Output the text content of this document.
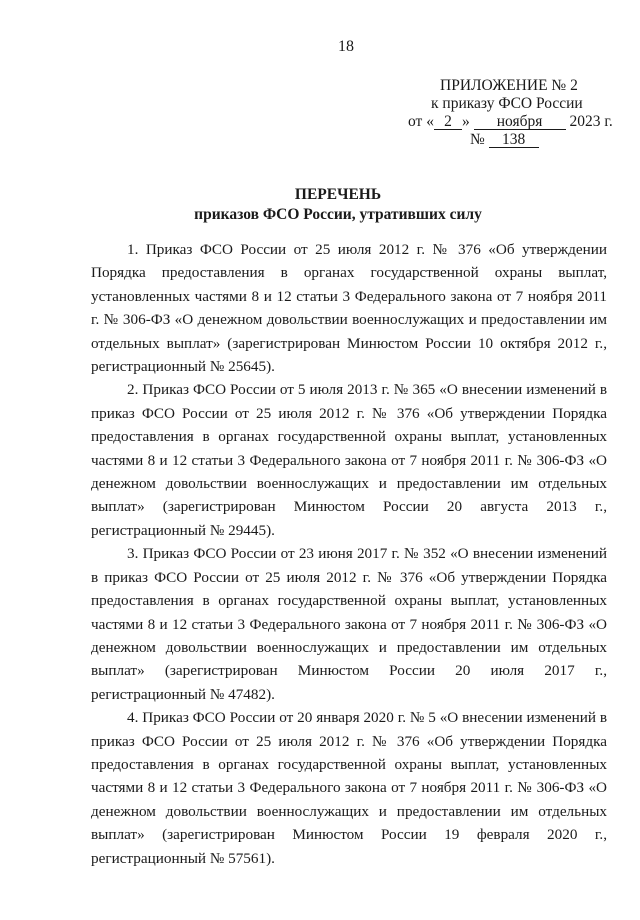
18
ПРИЛОЖЕНИЕ № 2
к приказу ФСО России
от « 2 » ноября 2023 г.
№ 138
ПЕРЕЧЕНЬ
приказов ФСО России, утративших силу

1. Приказ ФСО России от 25 июля 2012 г. № 376 «Об утверждении Порядка предоставления в органах государственной охраны выплат, установленных частями 8 и 12 статьи 3 Федерального закона от 7 ноября 2011 г. № 306-ФЗ «О денежном довольствии военнослужащих и предоставлении им отдельных выплат» (зарегистрирован Минюстом России 10 октября 2012 г., регистрационный № 25645).

2. Приказ ФСО России от 5 июля 2013 г. № 365 «О внесении изменений в приказ ФСО России от 25 июля 2012 г. № 376 «Об утверждении Порядка предоставления в органах государственной охраны выплат, установленных частями 8 и 12 статьи 3 Федерального закона от 7 ноября 2011 г. № 306-ФЗ «О денежном довольствии военнослужащих и предоставлении им отдельных выплат» (зарегистрирован Минюстом России 20 августа 2013 г., регистрационный № 29445).

3. Приказ ФСО России от 23 июня 2017 г. № 352 «О внесении изменений в приказ ФСО России от 25 июля 2012 г. № 376 «Об утверждении Порядка предоставления в органах государственной охраны выплат, установленных частями 8 и 12 статьи 3 Федерального закона от 7 ноября 2011 г. № 306-ФЗ «О денежном довольствии военнослужащих и предоставлении им отдельных выплат» (зарегистрирован Минюстом России 20 июля 2017 г., регистрационный № 47482).

4. Приказ ФСО России от 20 января 2020 г. № 5 «О внесении изменений в приказ ФСО России от 25 июля 2012 г. № 376 «Об утверждении Порядка предоставления в органах государственной охраны выплат, установленных частями 8 и 12 статьи 3 Федерального закона от 7 ноября 2011 г. № 306-ФЗ «О денежном довольствии военнослужащих и предоставлении им отдельных выплат» (зарегистрирован Минюстом России 19 февраля 2020 г., регистрационный № 57561).
